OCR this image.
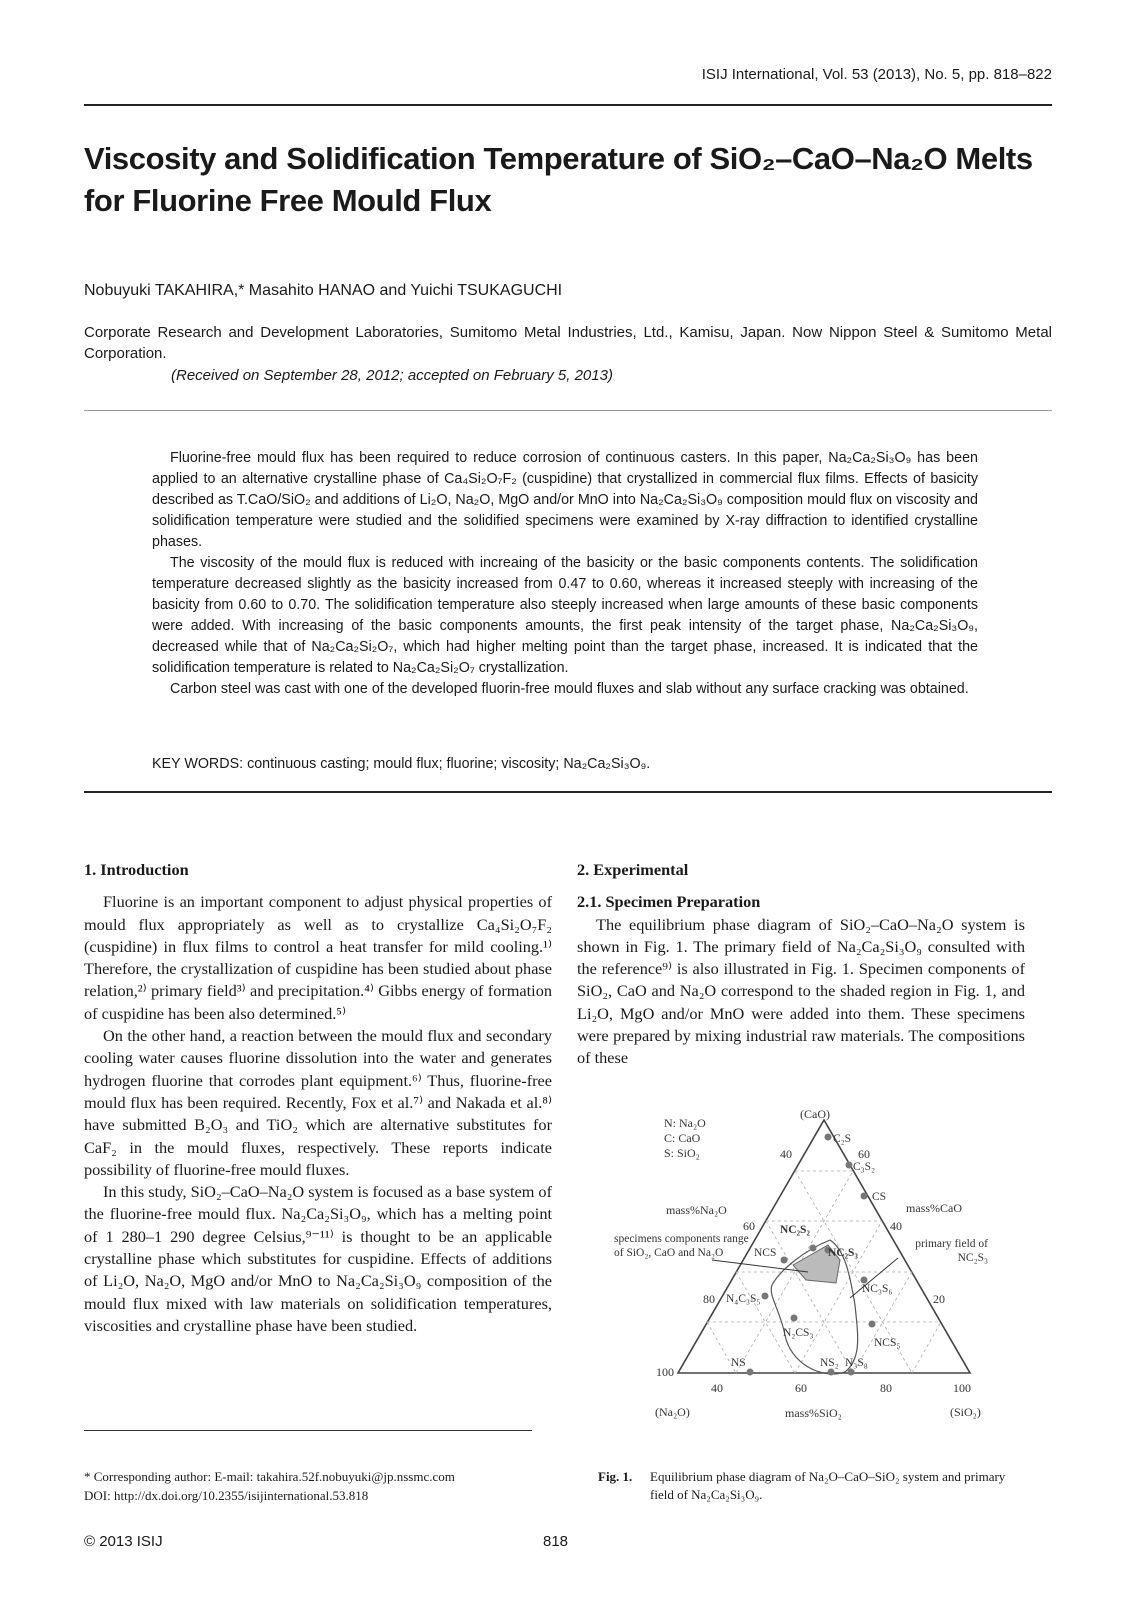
ISIJ International, Vol. 53 (2013), No. 5, pp. 818–822
Viscosity and Solidification Temperature of SiO₂–CaO–Na₂O Melts
for Fluorine Free Mould Flux
Nobuyuki TAKAHIRA,* Masahito HANAO and Yuichi TSUKAGUCHI
Corporate Research and Development Laboratories, Sumitomo Metal Industries, Ltd., Kamisu, Japan. Now Nippon Steel & Sumitomo Metal Corporation.
(Received on September 28, 2012; accepted on February 5, 2013)

Fluorine-free mould flux has been required to reduce corrosion of continuous casters. In this paper, Na₂Ca₂Si₃O₉ has been applied to an alternative crystalline phase of Ca₄Si₂O₇F₂ (cuspidine) that crystallized in commercial flux films. Effects of basicity described as T.CaO/SiO₂ and additions of Li₂O, Na₂O, MgO and/or MnO into Na₂Ca₂Si₃O₉ composition mould flux on viscosity and solidification temperature were studied and the solidified specimens were examined by X-ray diffraction to identified crystalline phases.

The viscosity of the mould flux is reduced with increaing of the basicity or the basic components contents. The solidification temperature decreased slightly as the basicity increased from 0.47 to 0.60, whereas it increased steeply with increasing of the basicity from 0.60 to 0.70. The solidification temperature also steeply increased when large amounts of these basic components were added. With increasing of the basic components amounts, the first peak intensity of the target phase, Na₂Ca₂Si₃O₉, decreased while that of Na₂Ca₂Si₂O₇, which had higher melting point than the target phase, increased. It is indicated that the solidification temperature is related to Na₂Ca₂Si₂O₇ crystallization.

Carbon steel was cast with one of the developed fluorin-free mould fluxes and slab without any surface cracking was obtained.

KEY WORDS: continuous casting; mould flux; fluorine; viscosity; Na₂Ca₂Si₃O₉.
1. Introduction

Fluorine is an important component to adjust physical properties of mould flux appropriately as well as to crystallize Ca₄Si₂O₇F₂ (cuspidine) in flux films to control a heat transfer for mild cooling.¹⁾ Therefore, the crystallization of cuspidine has been studied about phase relation,²⁾ primary field³⁾ and precipitation.⁴⁾ Gibbs energy of formation of cuspidine has been also determined.⁵⁾

On the other hand, a reaction between the mould flux and secondary cooling water causes fluorine dissolution into the water and generates hydrogen fluorine that corrodes plant equipment.⁶⁾ Thus, fluorine-free mould flux has been required. Recently, Fox et al.⁷⁾ and Nakada et al.⁸⁾ have submitted B₂O₃ and TiO₂ which are alternative substitutes for CaF₂ in the mould fluxes, respectively. These reports indicate possibility of fluorine-free mould fluxes.

In this study, SiO₂–CaO–Na₂O system is focused as a base system of the fluorine-free mould flux. Na₂Ca₂Si₃O₉, which has a melting point of 1 280–1 290 degree Celsius,⁹⁻¹¹⁾ is thought to be an applicable crystalline phase which substitutes for cuspidine. Effects of additions of Li₂O, Na₂O, MgO and/or MnO to Na₂Ca₂Si₃O₉ composition of the mould flux mixed with law materials on solidification temperatures, viscosities and crystalline phase have been studied.

* Corresponding author: E-mail: takahira.52f.nobuyuki@jp.nssmc.com
DOI: http://dx.doi.org/10.2355/isijinternational.53.818
2. Experimental
2.1. Specimen Preparation

The equilibrium phase diagram of SiO₂–CaO–Na₂O system is shown in Fig. 1. The primary field of Na₂Ca₂Si₃O₉ consulted with the reference⁹⁾ is also illustrated in Fig. 1. Specimen components of SiO₂, CaO and Na₂O correspond to the shaded region in Fig. 1, and Li₂O, MgO and/or MnO were added into them. These specimens were prepared by mixing industrial raw materials. The compositions of these

N: Na₂O
C: CaO
S: SiO₂
(CaO)
(Na₂O)	(SiO₂)
mass%Na₂O	mass%CaO
mass%SiO₂
40	60	80	100
40
60
80
100
60
40
20
C₂S
C₃S₂
CS
NC₂S₂
NC₂S₃
NCS
NC₃S₆
N₄C₃S₅
N₂CS₃
NCS₅
NS	NS₂ N₃S₈
specimens components range of SiO₂, CaO and Na₂O
primary field of NC₂S₃
Fig. 1. Equilibrium phase diagram of Na₂O–CaO–SiO₂ system and primary field of Na₂Ca₂Si₃O₉.
© 2013 ISIJ	818
